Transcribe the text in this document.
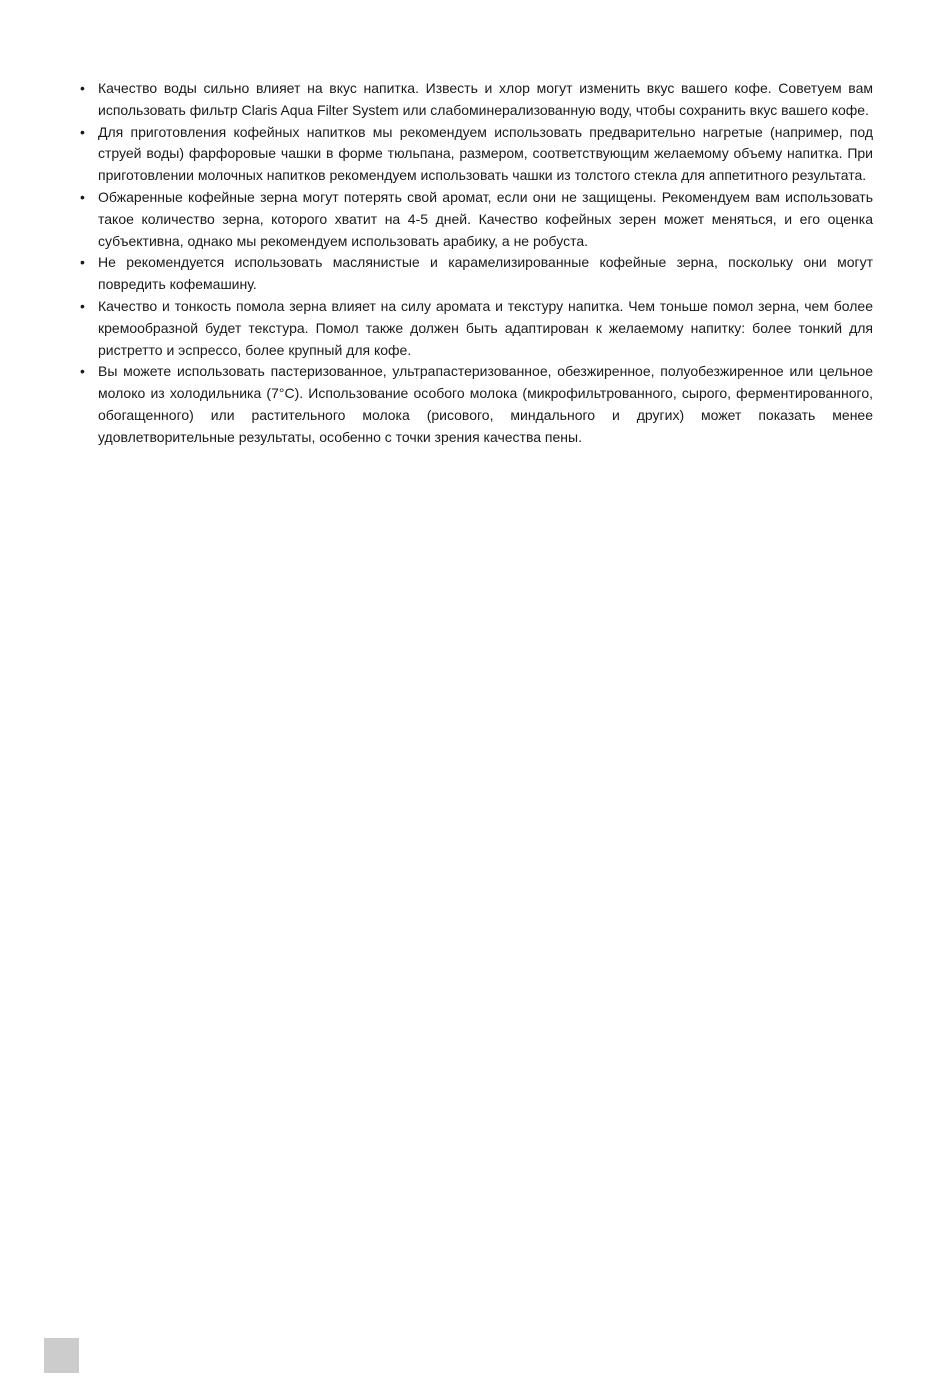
• Качество воды сильно влияет на вкус напитка. Известь и хлор могут изменить вкус вашего кофе. Советуем вам использовать фильтр Claris Aqua Filter System или слабоминерализованную воду, чтобы сохранить вкус вашего кофе.
• Для приготовления кофейных напитков мы рекомендуем использовать предварительно нагретые (например, под струей воды) фарфоровые чашки в форме тюльпана, размером, соответствующим желаемому объему напитка. При приготовлении молочных напитков рекомендуем использовать чашки из толстого стекла для аппетитного результата.
• Обжаренные кофейные зерна могут потерять свой аромат, если они не защищены. Рекомендуем вам использовать такое количество зерна, которого хватит на 4-5 дней. Качество кофейных зерен может меняться, и его оценка субъективна, однако мы рекомендуем использовать арабику, а не робуста.
• Не рекомендуется использовать маслянистые и карамелизированные кофейные зерна, поскольку они могут повредить кофемашину.
• Качество и тонкость помола зерна влияет на силу аромата и текстуру напитка. Чем тоньше помол зерна, чем более кремообразной будет текстура. Помол также должен быть адаптирован к желаемому напитку: более тонкий для ристретто и эспрессо, более крупный для кофе.
• Вы можете использовать пастеризованное, ультрапастеризованное, обезжиренное, полуобезжиренное или цельное молоко из холодильника (7°C). Использование особого молока (микрофильтрованного, сырого, ферментированного, обогащенного) или растительного молока (рисового, миндального и других) может показать менее удовлетворительные результаты, особенно с точки зрения качества пены.
